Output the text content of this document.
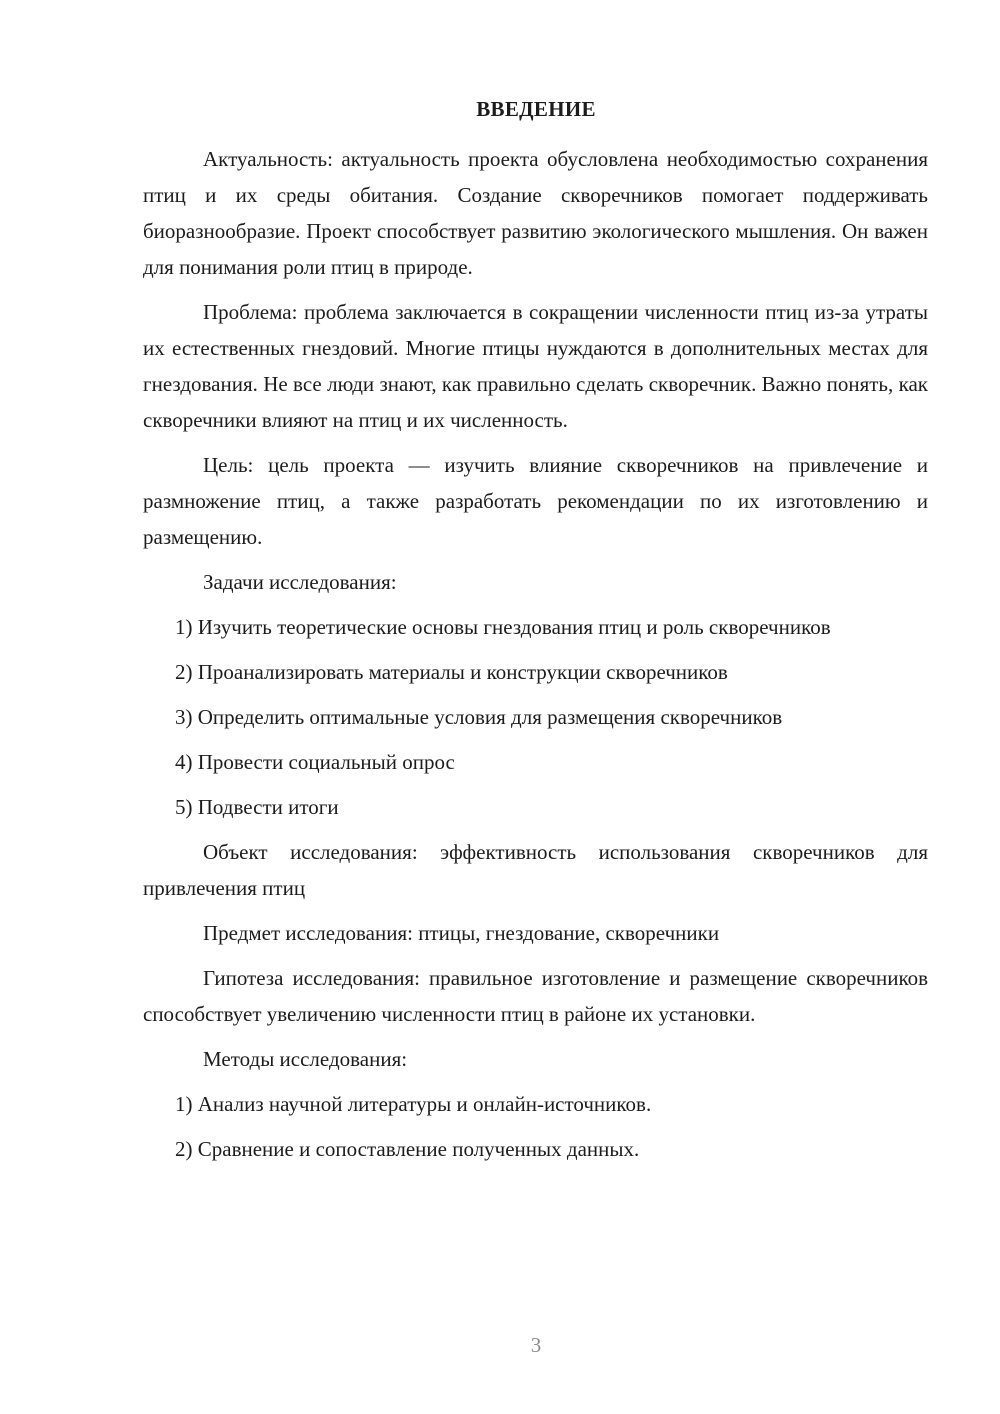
ВВЕДЕНИЕ

Актуальность: актуальность проекта обусловлена необходимостью сохранения птиц и их среды обитания. Создание скворечников помогает поддерживать биоразнообразие. Проект способствует развитию экологического мышления. Он важен для понимания роли птиц в природе.

Проблема: проблема заключается в сокращении численности птиц из-за утраты их естественных гнездовий. Многие птицы нуждаются в дополнительных местах для гнездования. Не все люди знают, как правильно сделать скворечник. Важно понять, как скворечники влияют на птиц и их численность.

Цель: цель проекта — изучить влияние скворечников на привлечение и размножение птиц, а также разработать рекомендации по их изготовлению и размещению.

Задачи исследования:

1) Изучить теоретические основы гнездования птиц и роль скворечников

2) Проанализировать материалы и конструкции скворечников

3) Определить оптимальные условия для размещения скворечников

4) Провести социальный опрос

5) Подвести итоги

Объект исследования: эффективность использования скворечников для привлечения птиц

Предмет исследования: птицы, гнездование, скворечники

Гипотеза исследования: правильное изготовление и размещение скворечников способствует увеличению численности птиц в районе их установки.

Методы исследования:

1) Анализ научной литературы и онлайн-источников.

2) Сравнение и сопоставление полученных данных.

3
